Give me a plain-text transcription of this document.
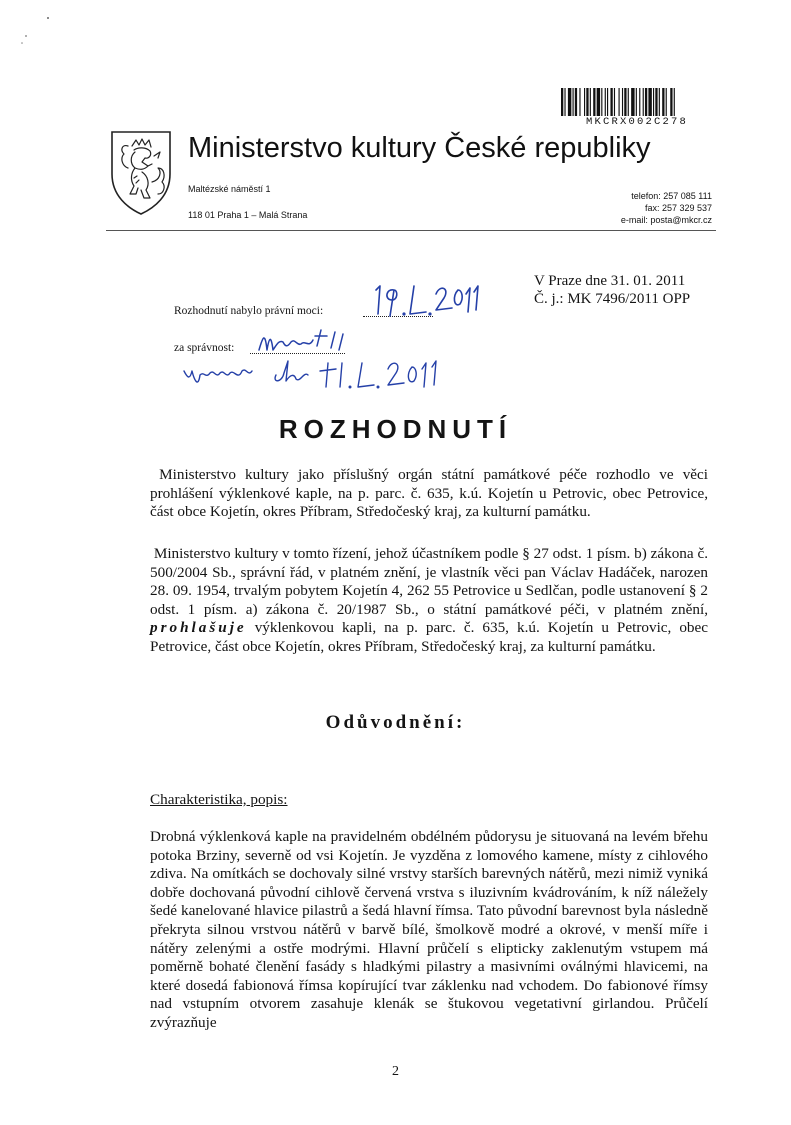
MKCRX002C278
Ministerstvo kultury České republiky
Maltézské náměstí 1
118 01 Praha 1 – Malá Strana
telefon: 257 085 111
fax: 257 329 537
e-mail: posta@mkcr.cz
V Praze dne 31. 01. 2011
Č. j.: MK 7496/2011 OPP
Rozhodnutí nabylo právní moci:
za správnost:
ROZHODNUTÍ
Ministerstvo kultury jako příslušný orgán státní památkové péče rozhodlo ve věci prohlášení výklenkové kaple, na p. parc. č. 635, k.ú. Kojetín u Petrovic, obec Petrovice, část obce Kojetín, okres Příbram, Středočeský kraj, za kulturní památku.
Ministerstvo kultury v tomto řízení, jehož účastníkem podle § 27 odst. 1 písm. b) zákona č. 500/2004 Sb., správní řád, v platném znění, je vlastník věci pan Václav Hadáček, narozen 28. 09. 1954, trvalým pobytem Kojetín 4, 262 55 Petrovice u Sedlčan, podle ustanovení § 2 odst. 1 písm. a) zákona č. 20/1987 Sb., o státní památkové péči, v platném znění, prohlašuje výklenkovou kapli, na p. parc. č. 635, k.ú. Kojetín u Petrovic, obec Petrovice, část obce Kojetín, okres Příbram, Středočeský kraj, za kulturní památku.
Odůvodnění:
Charakteristika, popis:
Drobná výklenková kaple na pravidelném obdélném půdorysu je situovaná na levém břehu potoka Brziny, severně od vsi Kojetín. Je vyzděna z lomového kamene, místy z cihlového zdiva. Na omítkách se dochovaly silné vrstvy starších barevných nátěrů, mezi nimiž vyniká dobře dochovaná původní cihlově červená vrstva s iluzivním kvádrováním, k níž náležely šedé kanelované hlavice pilastrů a šedá hlavní římsa. Tato původní barevnost byla následně překryta silnou vrstvou nátěrů v barvě bílé, šmolkově modré a okrové, v menší míře i nátěry zelenými a ostře modrými. Hlavní průčelí s elipticky zaklenutým vstupem má poměrně bohaté členění fasády s hladkými pilastry a masivními oválnými hlavicemi, na které dosedá fabionová římsa kopírující tvar záklenku nad vchodem. Do fabionové římsy nad vstupním otvorem zasahuje klenák se štukovou vegetativní girlandou. Průčelí zvýrazňuje
2
